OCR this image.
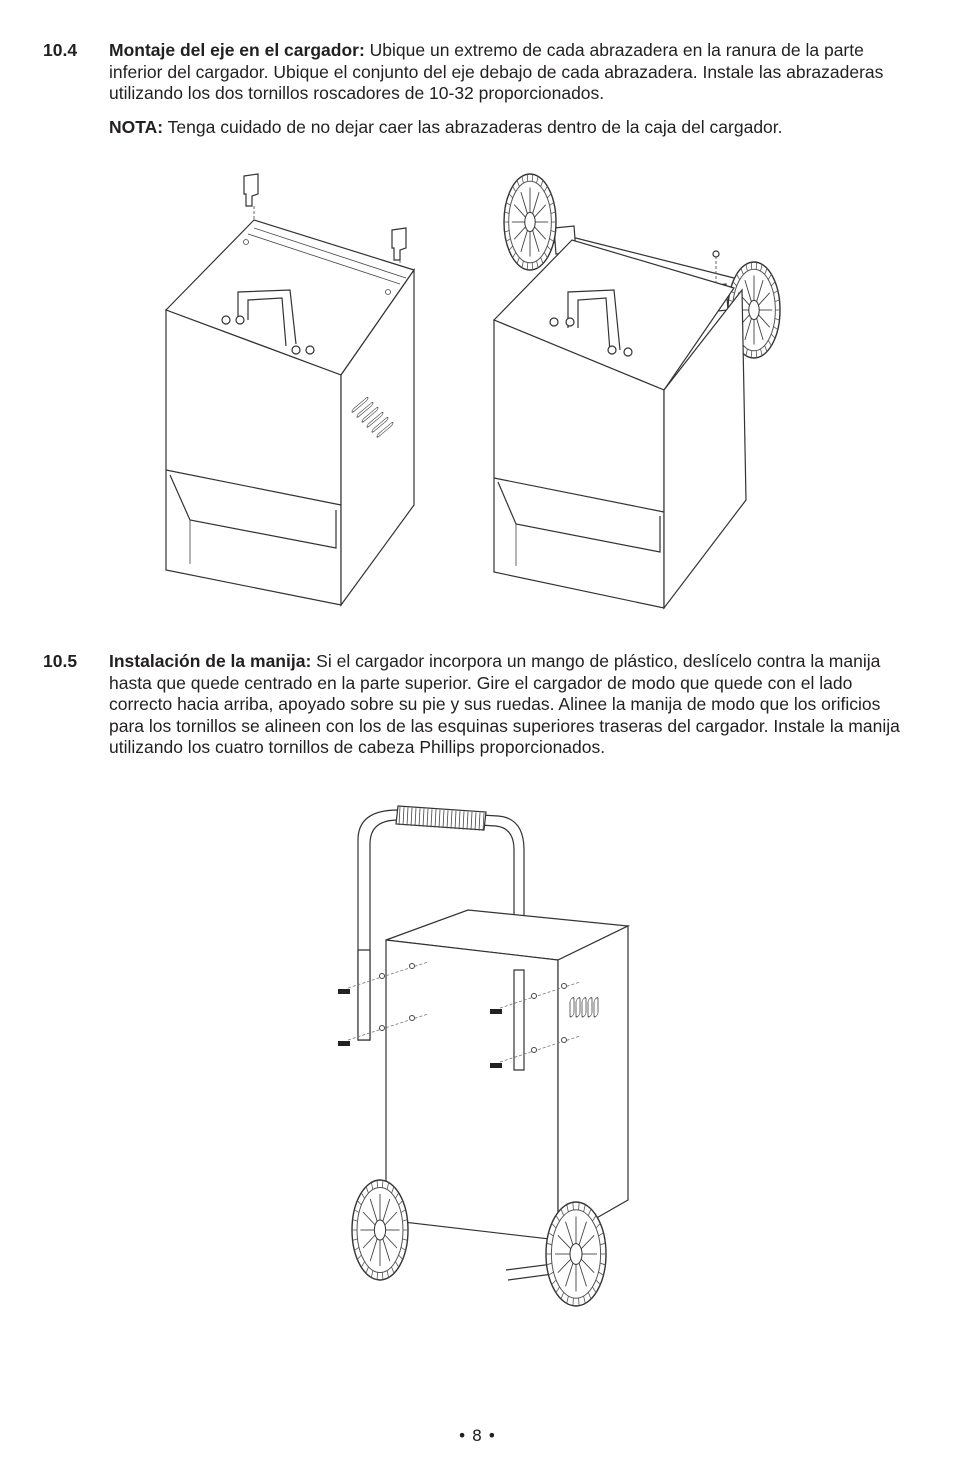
10.4 Montaje del eje en el cargador: Ubique un extremo de cada abrazadera en la ranura de la parte inferior del cargador. Ubique el conjunto del eje debajo de cada abrazadera. Instale las abrazaderas utilizando los dos tornillos roscadores de 10-32 proporcionados.
NOTA: Tenga cuidado de no dejar caer las abrazaderas dentro de la caja del cargador.
10.5 Instalación de la manija: Si el cargador incorpora un mango de plástico, deslícelo contra la manija hasta que quede centrado en la parte superior. Gire el cargador de modo que quede con el lado correcto hacia arriba, apoyado sobre su pie y sus ruedas. Alinee la manija de modo que los orificios para los tornillos se alineen con los de las esquinas superiores traseras del cargador. Instale la manija utilizando los cuatro tornillos de cabeza Phillips proporcionados.
• 8 •
